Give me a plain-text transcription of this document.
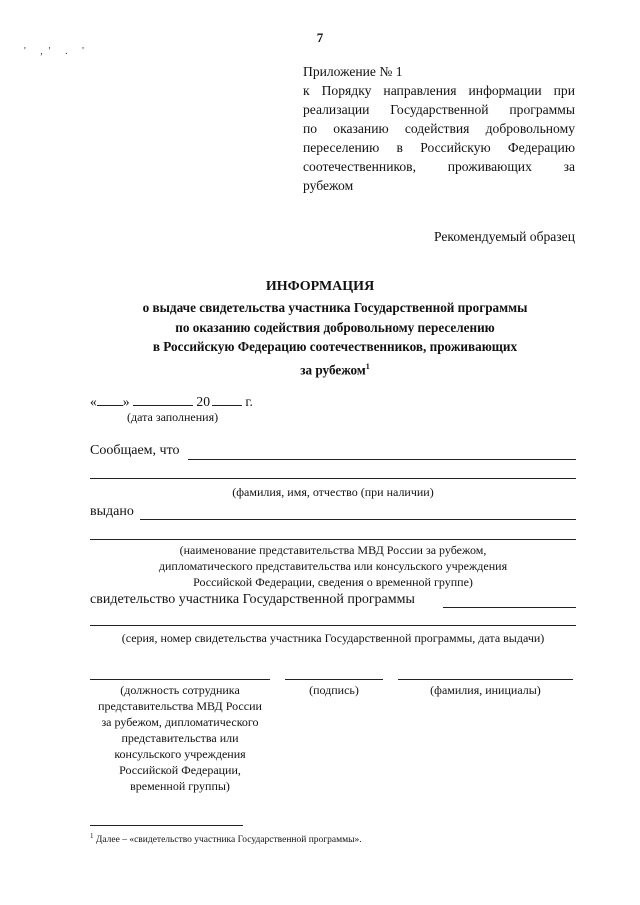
7
' ,' . '
Приложение № 1
к Порядку направления информации при
реализации Государственной программы
по оказанию содействия добровольному
переселению в Российскую Федерацию
соотечественников, проживающих за
рубежом
Рекомендуемый образец
ИНФОРМАЦИЯ
о выдаче свидетельства участника Государственной программы
по оказанию содействия добровольному переселению
в Российскую Федерацию соотечественников, проживающих
за рубежом$^1$
« »	20	г.
(дата заполнения)
Сообщаем, что
(фамилия, имя, отчество (при наличии)
выдано
(наименование представительства МВД России за рубежом,
дипломатического представительства или консульского учреждения
Российской Федерации, сведения о временной группе)
свидетельство участника Государственной программы
(серия, номер свидетельства участника Государственной программы, дата выдачи)
(должность сотрудника
представительства МВД России
за рубежом, дипломатического
представительства или
консульского учреждения
Российской Федерации,
временной группы)
(подпись)	(фамилия, инициалы)
$^1$ Далее – «свидетельство участника Государственной программы».
